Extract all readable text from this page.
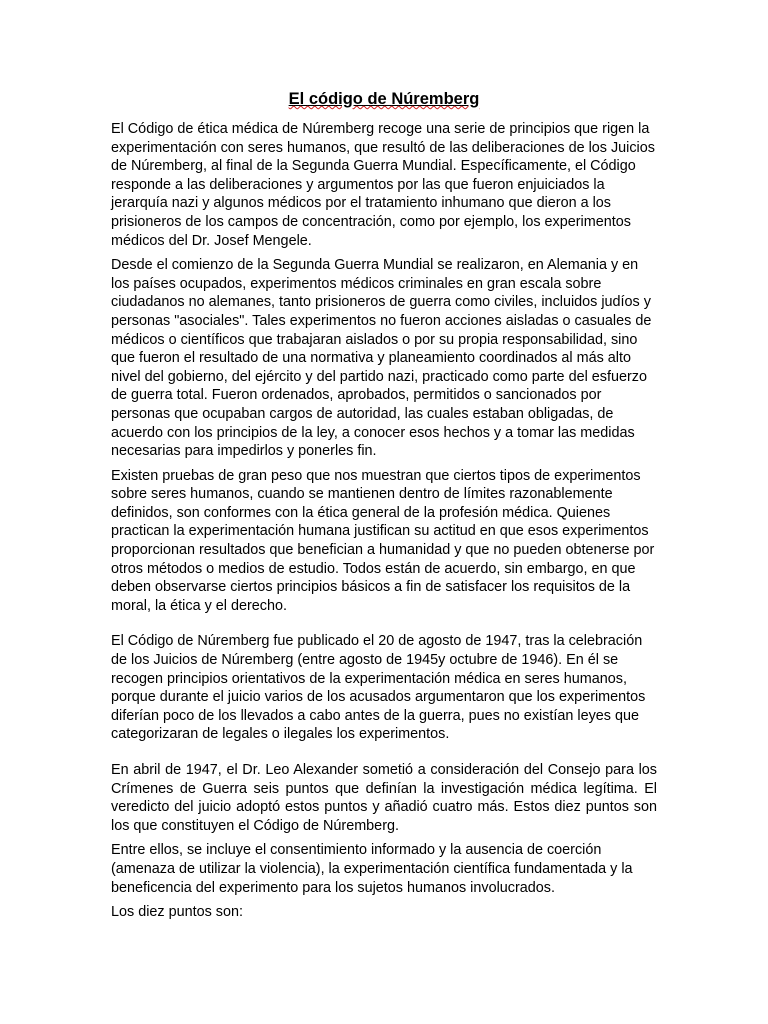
El código de Núremberg

El Código de ética médica de Núremberg recoge una serie de principios que rigen la experimentación con seres humanos, que resultó de las deliberaciones de los Juicios de Núremberg, al final de la Segunda Guerra Mundial. Específicamente, el Código responde a las deliberaciones y argumentos por las que fueron enjuiciados la jerarquía nazi y algunos médicos por el tratamiento inhumano que dieron a los prisioneros de los campos de concentración, como por ejemplo, los experimentos médicos del Dr. Josef Mengele.

Desde el comienzo de la Segunda Guerra Mundial se realizaron, en Alemania y en los países ocupados, experimentos médicos criminales en gran escala sobre ciudadanos no alemanes, tanto prisioneros de guerra como civiles, incluidos judíos y personas "asociales". Tales experimentos no fueron acciones aisladas o casuales de médicos o científicos que trabajaran aislados o por su propia responsabilidad, sino que fueron el resultado de una normativa y planeamiento coordinados al más alto nivel del gobierno, del ejército y del partido nazi, practicado como parte del esfuerzo de guerra total. Fueron ordenados, aprobados, permitidos o sancionados por personas que ocupaban cargos de autoridad, las cuales estaban obligadas, de acuerdo con los principios de la ley, a conocer esos hechos y a tomar las medidas necesarias para impedirlos y ponerles fin.

Existen pruebas de gran peso que nos muestran que ciertos tipos de experimentos sobre seres humanos, cuando se mantienen dentro de límites razonablemente definidos, son conformes con la ética general de la profesión médica. Quienes practican la experimentación humana justifican su actitud en que esos experimentos proporcionan resultados que benefician a humanidad y que no pueden obtenerse por otros métodos o medios de estudio. Todos están de acuerdo, sin embargo, en que deben observarse ciertos principios básicos a fin de satisfacer los requisitos de la moral, la ética y el derecho.

El Código de Núremberg fue publicado el 20 de agosto de 1947, tras la celebración de los Juicios de Núremberg (entre agosto de 1945y octubre de 1946). En él se recogen principios orientativos de la experimentación médica en seres humanos, porque durante el juicio varios de los acusados argumentaron que los experimentos diferían poco de los llevados a cabo antes de la guerra, pues no existían leyes que categorizaran de legales o ilegales los experimentos.

En abril de 1947, el Dr. Leo Alexander sometió a consideración del Consejo para los Crímenes de Guerra seis puntos que definían la investigación médica legítima. El veredicto del juicio adoptó estos puntos y añadió cuatro más. Estos diez puntos son los que constituyen el Código de Núremberg.

Entre ellos, se incluye el consentimiento informado y la ausencia de coerción (amenaza de utilizar la violencia), la experimentación científica fundamentada y la beneficencia del experimento para los sujetos humanos involucrados.

Los diez puntos son:
